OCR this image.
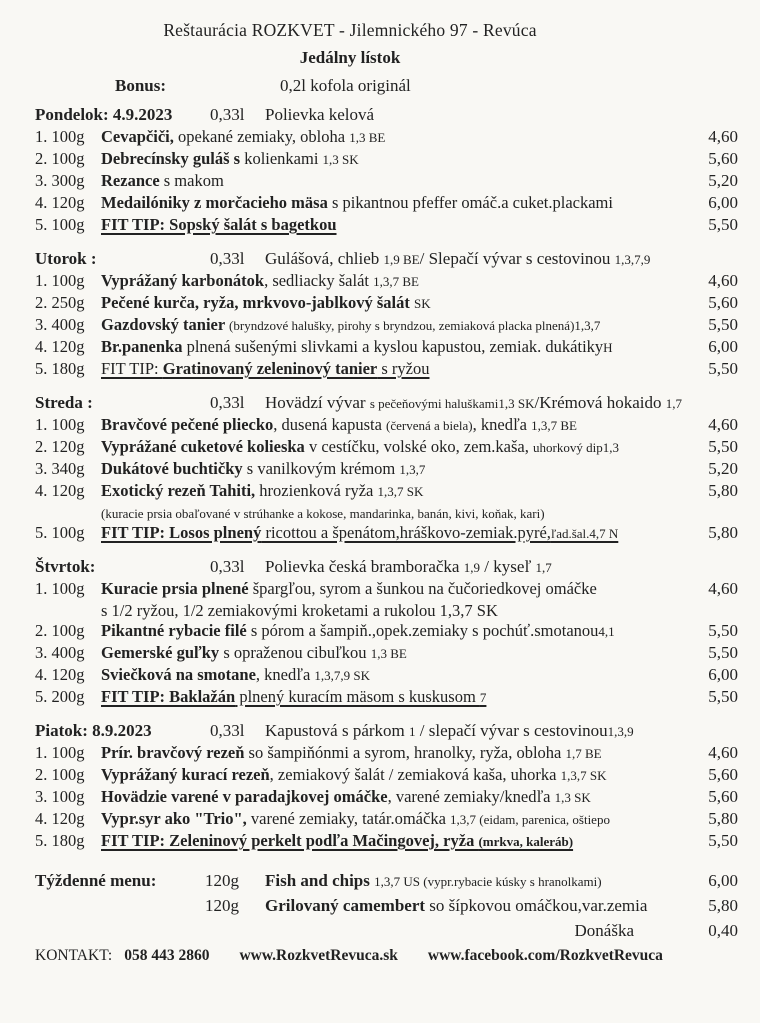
Reštaurácia ROZKVET - Jilemnického 97 - Revúca
Jedálny lístok
Bonus:	0,2l kofola originál
Pondelok: 4.9.2023	0,33l	Polievka kelová
1. 100g	Cevapčiči, opekané zemiaky, obloha 1,3 BE	4,60
2. 100g	Debrecínsky guláš s kolienkami 1,3 SK	5,60
3. 300g	Rezance s makom	5,20
4. 120g	Medailóniky z morčacieho mäsa s pikantnou pfeffer omáč.a cuket.plackami	6,00
5. 100g	FIT TIP: Sopský šalát s bagetkou	5,50
Utorok :	0,33l	Gulášová, chlieb 1,9 BE/ Slepačí vývar s cestovinou 1,3,7,9
1. 100g	Vyprážaný karbonátok, sedliacky šalát 1,3,7 BE	4,60
2. 250g	Pečené kurča, ryža, mrkvovo-jablkový šalát SK	5,60
3. 400g	Gazdovský tanier (bryndzové halušky, pirohy s bryndzou, zemiaková placka plnená)1,3,7	5,50
4. 120g	Br.panenka plnená sušenými slivkami a kyslou kapustou, zemiak. dukátikyH	6,00
5. 180g	FIT TIP: Gratinovaný zeleninový tanier s ryžou	5,50
Streda :	0,33l	Hovädzí vývar s pečeňovými haluškami1,3 SK/Krémová hokaido 1,7
1. 100g	Bravčové pečené pliecko, dusená kapusta (červená a biela), knedľa 1,3,7 BE	4,60
2. 120g	Vyprážané cuketové kolieska v cestíčku, volské oko, zem.kaša, uhorkový dip1,3	5,50
3. 340g	Dukátové buchtičky s vanilkovým krémom 1,3,7	5,20
4. 120g	Exotický rezeň Tahiti, hrozienková ryža 1,3,7 SK	5,80
(kuracie prsia obaľované v strúhanke a kokose, mandarinka, banán, kivi, koňak, kari)
5. 100g	FIT TIP: Losos plnený ricottou a špenátom,hráškovo-zemiak.pyré,ľad.šal.4,7 N	5,80
Štvrtok:	0,33l	Polievka česká bramboračka 1,9 / kyseľ 1,7
1. 100g	Kuracie prsia plnené špargľou, syrom a šunkou na čučoriedkovej omáčke	4,60
s 1/2 ryžou, 1/2 zemiakovými kroketami a rukolou 1,3,7 SK
2. 100g	Pikantné rybacie filé s pórom a šampiň.,opek.zemiaky s pochúť.smotanou4,1	5,50
3. 400g	Gemerské guľky s opraženou cibuľkou 1,3 BE	5,50
4. 120g	Sviečková na smotane, knedľa 1,3,7,9 SK	6,00
5. 200g	FIT TIP: Baklažán plnený kuracím mäsom s kuskusom 7	5,50
Piatok: 8.9.2023	0,33l	Kapustová s párkom 1 / slepačí vývar s cestovinou1,3,9
1. 100g	Prír. bravčový rezeň so šampiňónmi a syrom, hranolky, ryža, obloha 1,7 BE	4,60
2. 100g	Vyprážaný kurací rezeň, zemiakový šalát / zemiaková kaša, uhorka 1,3,7 SK	5,60
3. 100g	Hovädzie varené v paradajkovej omáčke, varené zemiaky/knedľa 1,3 SK	5,60
4. 120g	Vypr.syr ako "Trio", varené zemiaky, tatár.omáčka 1,3,7 (eidam, parenica, oštiepo	5,80
5. 180g	FIT TIP: Zeleninový perkelt podľa Mačingovej, ryža (mrkva, kaleráb)	5,50
Týždenné menu:	120g	Fish and chips 1,3,7 US (vypr.rybacie kúsky s hranolkami)	6,00
120g	Grilovaný camembert so šípkovou omáčkou,var.zemia	5,80
Donáška	0,40
KONTAKT: 058 443 2860 www.RozkvetRevuca.sk www.facebook.com/RozkvetRevuca
